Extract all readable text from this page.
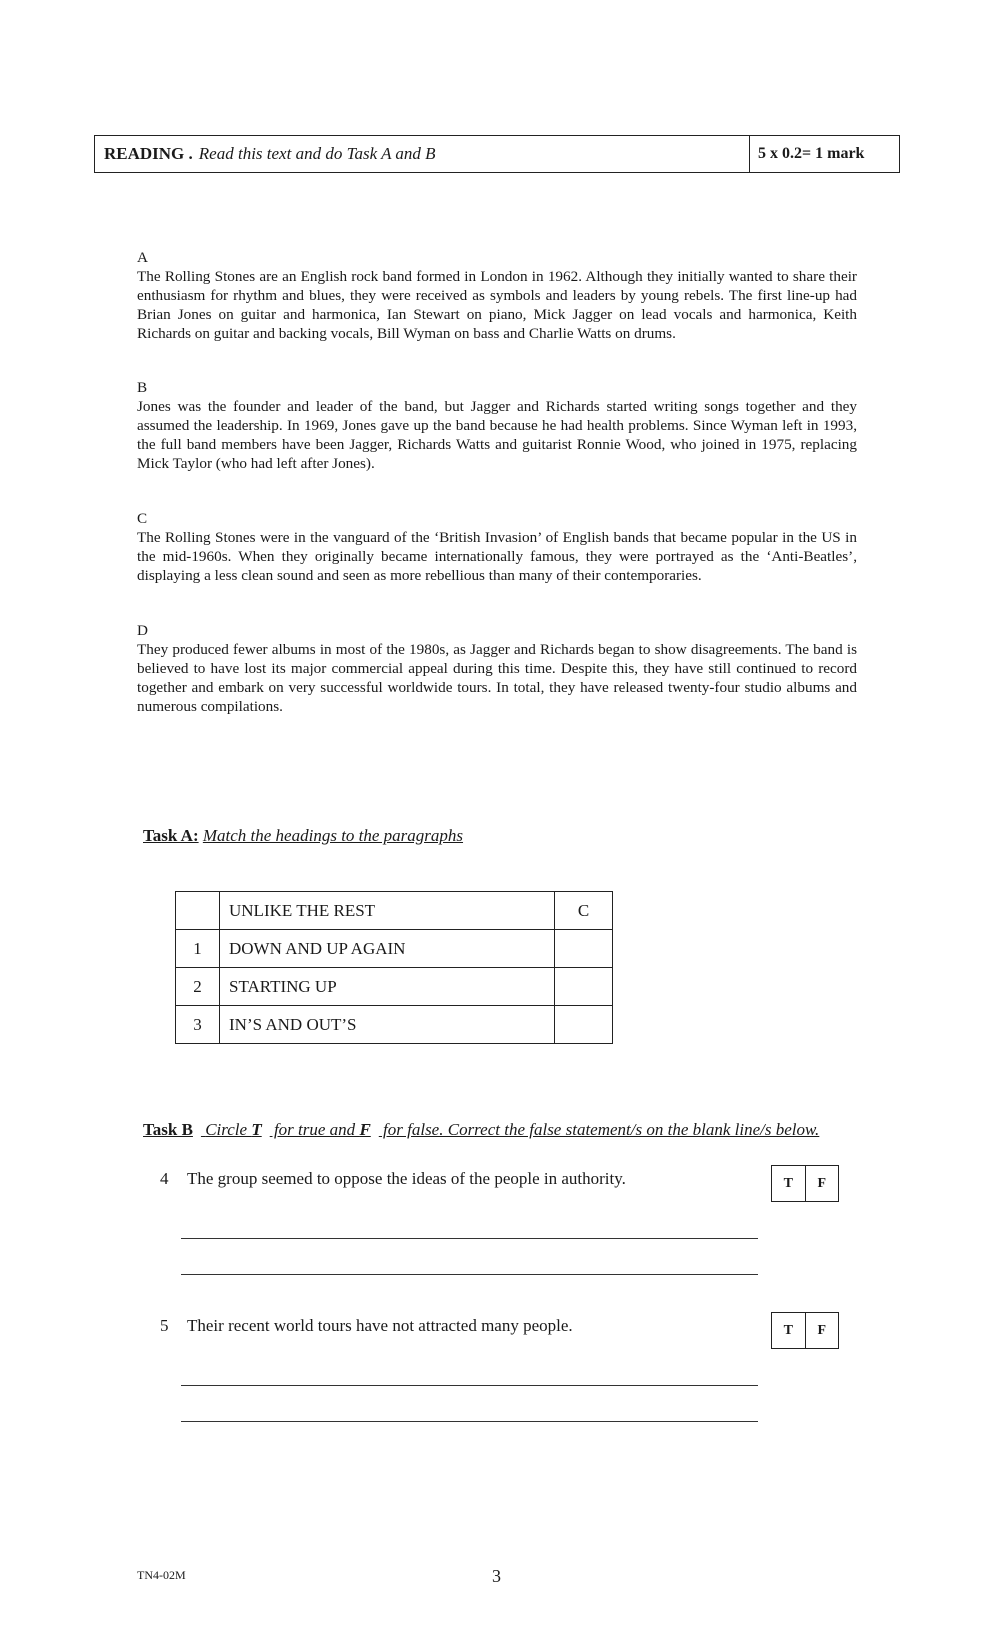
READING . Read this text and do Task A and B	5 x 0.2= 1 mark
A
The Rolling Stones are an English rock band formed in London in 1962. Although they initially wanted to share their enthusiasm for rhythm and blues, they were received as symbols and leaders by young rebels. The first line-up had Brian Jones on guitar and harmonica, Ian Stewart on piano, Mick Jagger on lead vocals and harmonica, Keith Richards on guitar and backing vocals, Bill Wyman on bass and Charlie Watts on drums.
B
Jones was the founder and leader of the band, but Jagger and Richards started writing songs together and they assumed the leadership. In 1969, Jones gave up the band because he had health problems. Since Wyman left in 1993, the full band members have been Jagger, Richards Watts and guitarist Ronnie Wood, who joined in 1975, replacing Mick Taylor (who had left after Jones).
C
The Rolling Stones were in the vanguard of the ‘British Invasion’ of English bands that became popular in the US in the mid-1960s. When they originally became internationally famous, they were portrayed as the ‘Anti-Beatles’, displaying a less clean sound and seen as more rebellious than many of their contemporaries.
D
They produced fewer albums in most of the 1980s, as Jagger and Richards began to show disagreements. The band is believed to have lost its major commercial appeal during this time. Despite this, they have still continued to record together and embark on very successful worldwide tours. In total, they have released twenty-four studio albums and numerous compilations.
Task A: Match the headings to the paragraphs
	UNLIKE THE REST	C
1	DOWN AND UP AGAIN	
2	STARTING UP	
3	IN’S AND OUT’S	
Task B Circle T for true and F for false. Correct the false statement/s on the blank line/s below.
4 The group seemed to oppose the ideas of the people in authority.	T	F
5 Their recent world tours have not attracted many people.	T	F
TN4-02M	3
